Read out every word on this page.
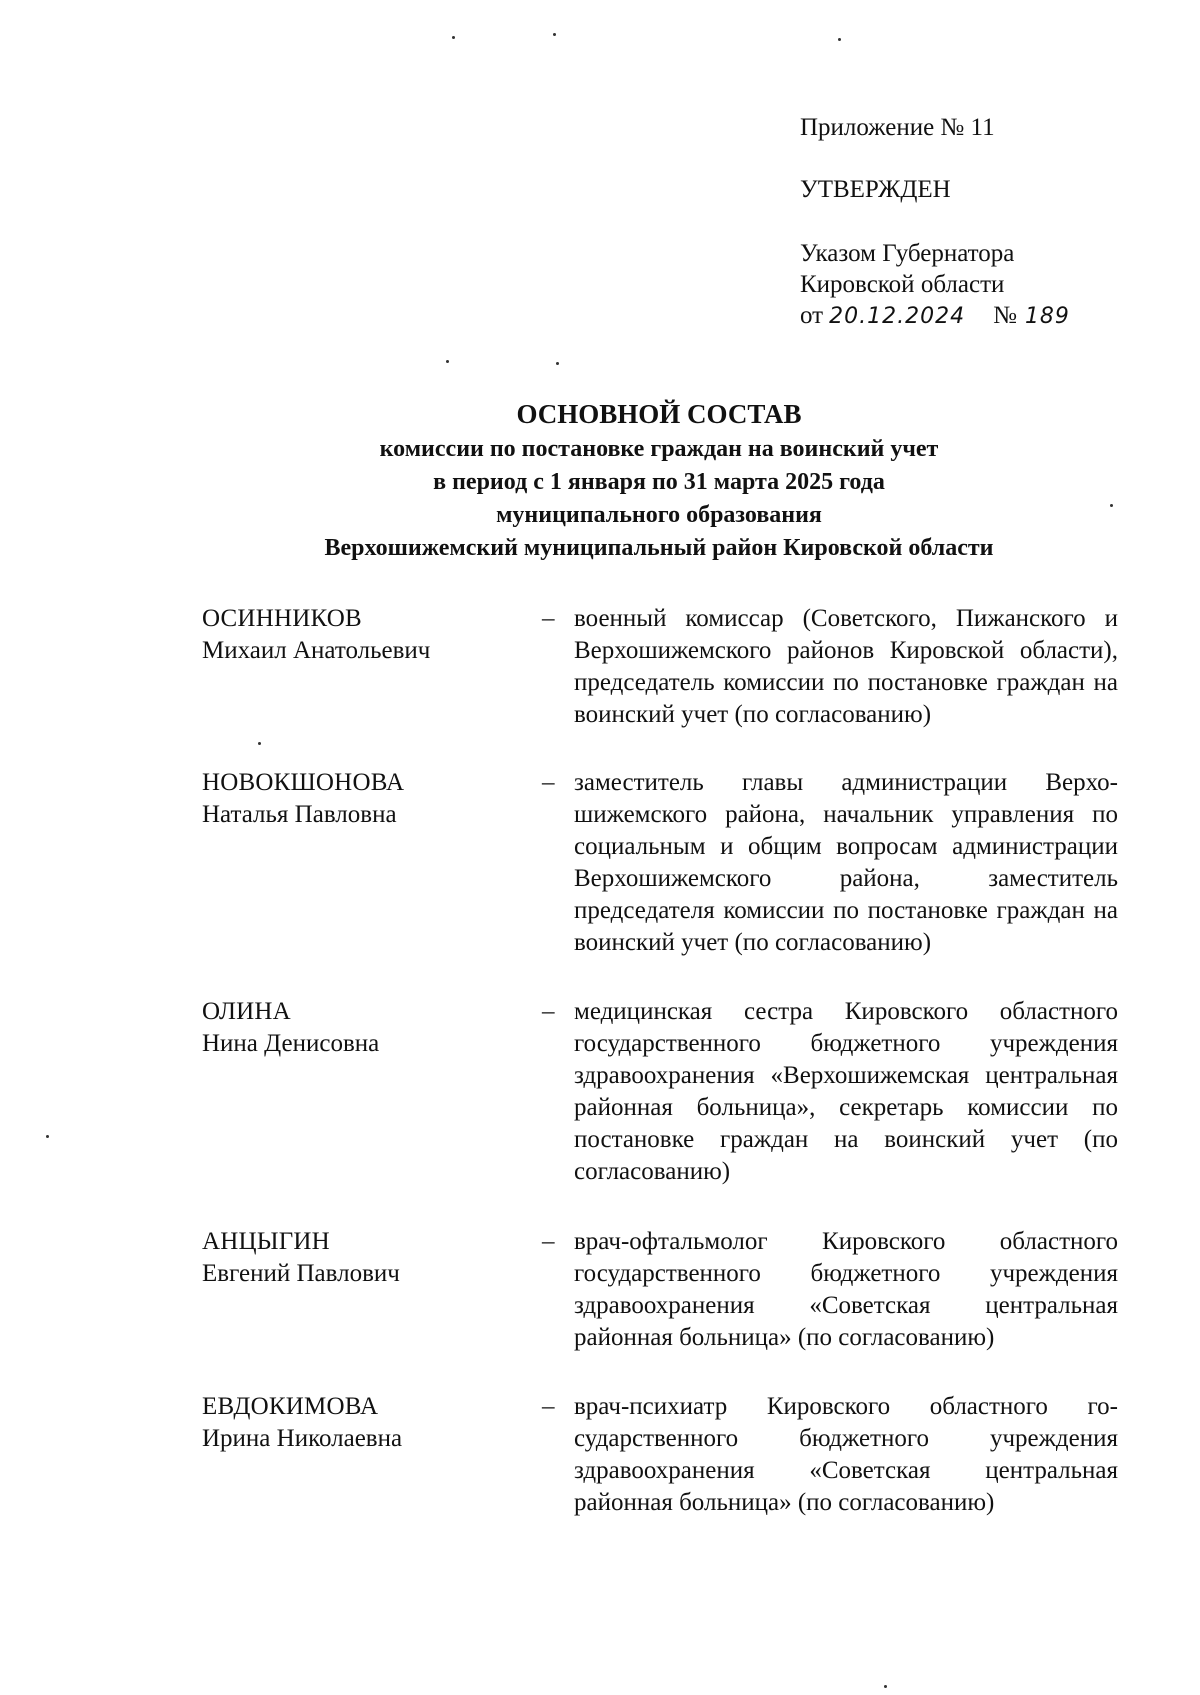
Приложение № 11
УТВЕРЖДЕН
Указом Губернатора
Кировской области
от 20.12.2024 № 189
ОСНОВНОЙ СОСТАВ
комиссии по постановке граждан на воинский учет
в период с 1 января по 31 марта 2025 года
муниципального образования
Верхошижемский муниципальный район Кировской области
ОСИННИКОВ
Михаил Анатольевич
– военный комиссар (Советского, Пижанского и Верхошижемского районов Кировской области), председатель комиссии по постановке граждан на воинский учет (по согласованию)
НОВОКШОНОВА
Наталья Павловна
– заместитель главы администрации Верхошижемского района, начальник управления по социальным и общим вопросам администрации Верхошижемского района, заместитель председателя комиссии по постановке граждан на воинский учет (по согласованию)
ОЛИНА
Нина Денисовна
– медицинская сестра Кировского областного государственного бюджетного учреждения здравоохранения «Верхошижемская центральная районная больница», секретарь комиссии по постановке граждан на воинский учет (по согласованию)
АНЦЫГИН
Евгений Павлович
– врач-офтальмолог Кировского областного государственного бюджетного учреждения здравоохранения «Советская центральная районная больница» (по согласованию)
ЕВДОКИМОВА
Ирина Николаевна
– врач-психиатр Кировского областного государственного бюджетного учреждения здравоохранения «Советская центральная районная больница» (по согласованию)
